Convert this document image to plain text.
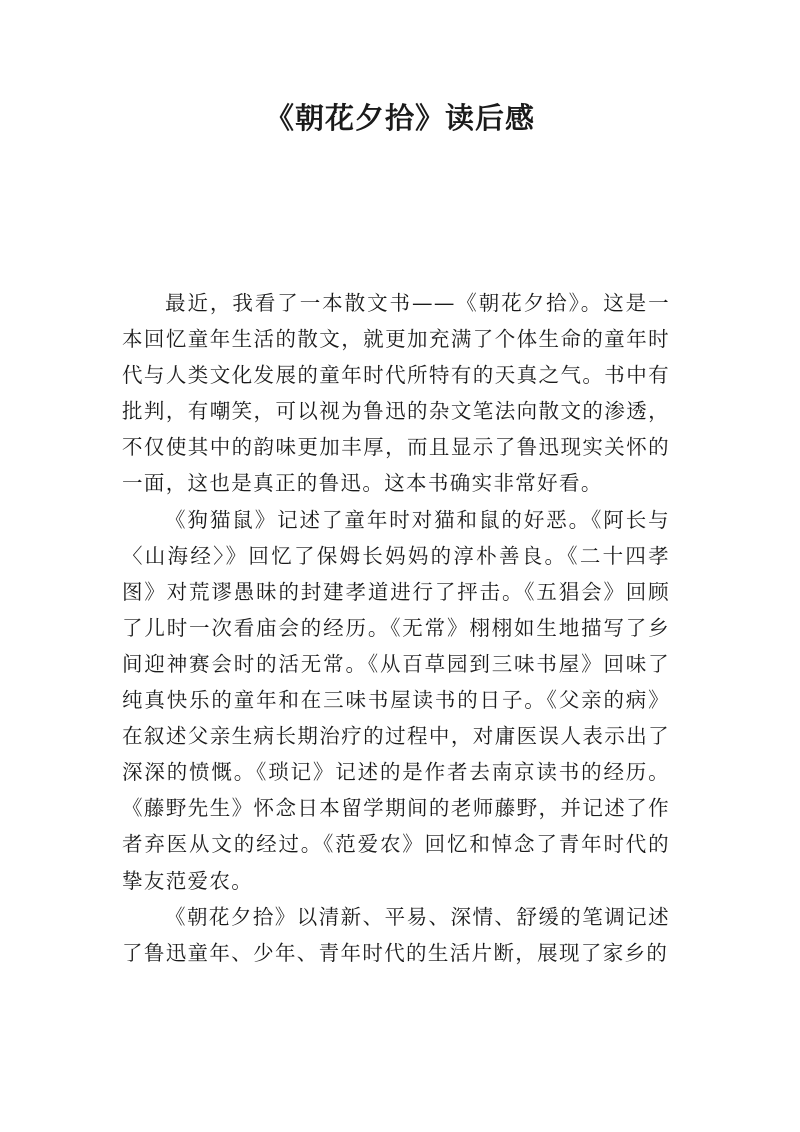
《朝花夕拾》读后感

最近，我看了一本散文书——《朝花夕拾》。这是一本回忆童年生活的散文，就更加充满了个体生命的童年时代与人类文化发展的童年时代所特有的天真之气。书中有批判，有嘲笑，可以视为鲁迅的杂文笔法向散文的渗透，不仅使其中的韵味更加丰厚，而且显示了鲁迅现实关怀的一面，这也是真正的鲁迅。这本书确实非常好看。

《狗猫鼠》记述了童年时对猫和鼠的好恶。《阿长与〈山海经〉》回忆了保姆长妈妈的淳朴善良。《二十四孝图》对荒谬愚昧的封建孝道进行了抨击。《五猖会》回顾了儿时一次看庙会的经历。《无常》栩栩如生地描写了乡间迎神赛会时的活无常。《从百草园到三味书屋》回味了纯真快乐的童年和在三味书屋读书的日子。《父亲的病》在叙述父亲生病长期治疗的过程中，对庸医误人表示出了深深的愤慨。《琐记》记述的是作者去南京读书的经历。《藤野先生》怀念日本留学期间的老师藤野，并记述了作者弃医从文的经过。《范爱农》回忆和悼念了青年时代的挚友范爱农。

《朝花夕拾》以清新、平易、深情、舒缓的笔调记述了鲁迅童年、少年、青年时代的生活片断，展现了家乡的
